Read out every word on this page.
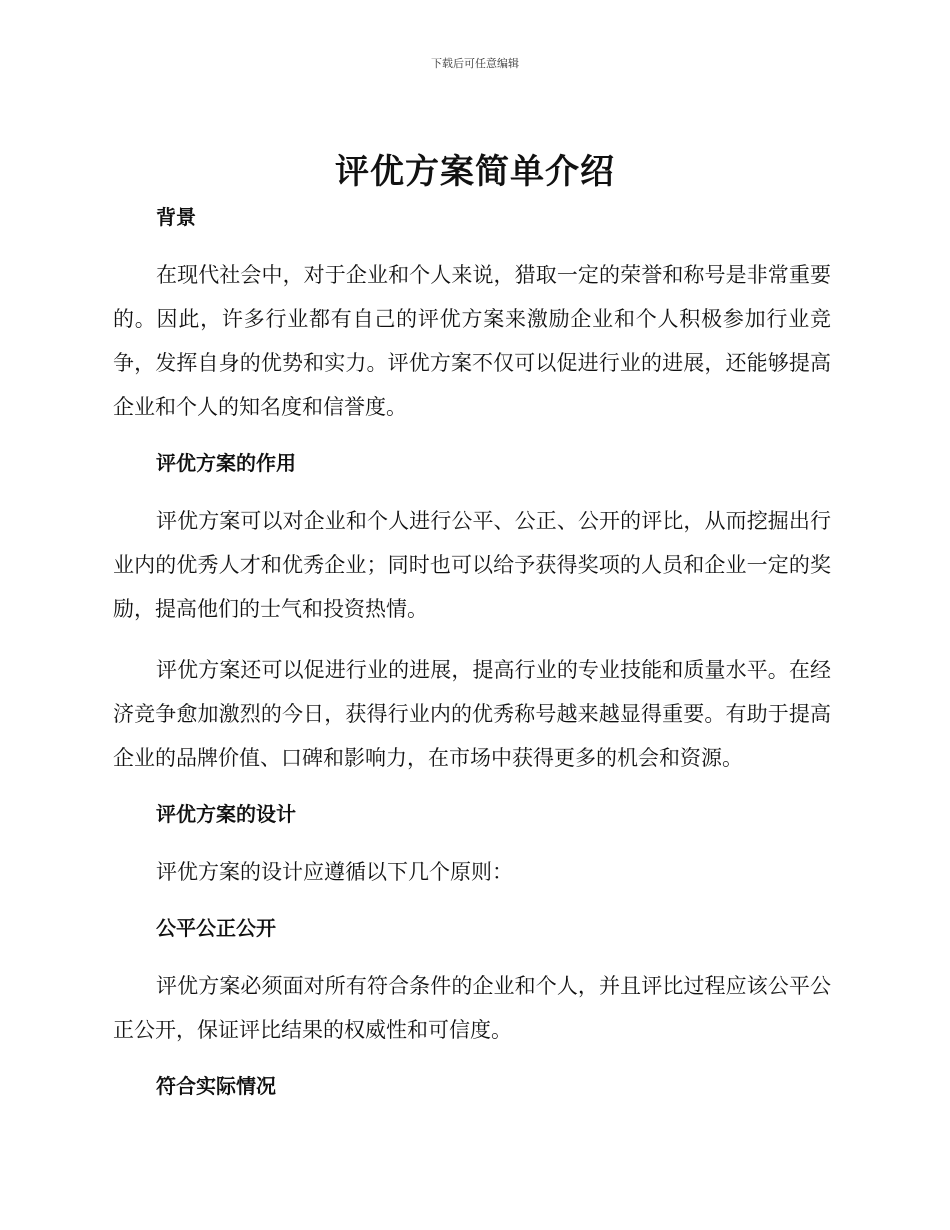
下载后可任意编辑
评优方案简单介绍
背景

在现代社会中，对于企业和个人来说，猎取一定的荣誉和称号是非常重要的。因此，许多行业都有自己的评优方案来激励企业和个人积极参加行业竞争，发挥自身的优势和实力。评优方案不仅可以促进行业的进展，还能够提高企业和个人的知名度和信誉度。

评优方案的作用

评优方案可以对企业和个人进行公平、公正、公开的评比，从而挖掘出行业内的优秀人才和优秀企业；同时也可以给予获得奖项的人员和企业一定的奖励，提高他们的士气和投资热情。

评优方案还可以促进行业的进展，提高行业的专业技能和质量水平。在经济竞争愈加激烈的今日，获得行业内的优秀称号越来越显得重要。有助于提高企业的品牌价值、口碑和影响力，在市场中获得更多的机会和资源。

评优方案的设计

评优方案的设计应遵循以下几个原则：

公平公正公开

评优方案必须面对所有符合条件的企业和个人，并且评比过程应该公平公正公开，保证评比结果的权威性和可信度。

符合实际情况
